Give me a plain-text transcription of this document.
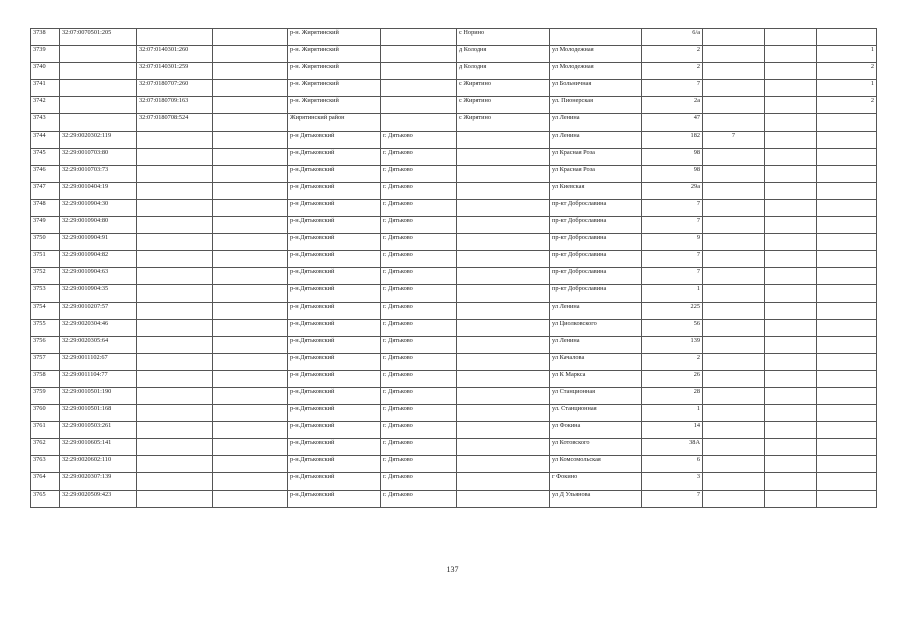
3738	32:07:0070501:205			р-н. Жирятинский		с Норино		6/a			
3739		32:07:0140301:260		р-н. Жирятинский		д Колодня	ул Молодежная	2			1
3740		32:07:0140301:259		р-н. Жирятинский		д Колодня	ул Молодежная	2			2
3741		32:07:0180707:260		р-н. Жирятинский		с Жирятино	ул Больничная	7			1
3742		32:07:0180709:163		р-н. Жирятинский		с Жирятино	ул. Пионерская	2а			2
3743		32:07:0180708:524		Жирятинский район		с Жирятино	ул Ленина	47			
3744	32:29:0020302:119			р-н Дятьковский	г. Дятьково		ул Ленина	182	7		
3745	32:29:0010703:80			р-н.Дятьковский	г. Дятьково		ул Красная Роза	98			
3746	32:29:0010703:73			р-н.Дятьковский	г. Дятьково		ул Красная Роза	98			
3747	32:29:0010404:19			р-н Дятьковский	г. Дятьково		ул Киевская	29а			
3748	32:29:0010904:30			р-н Дятьковский	г. Дятьково		пр-кт Доброславина	7			
3749	32:29:0010904:80			р-н.Дятьковский	г. Дятьково		пр-кт Доброславина	7			
3750	32:29:0010904:91			р-н.Дятьковский	г. Дятьково		пр-кт Доброславина	9			
3751	32:29:0010904:82			р-н.Дятьковский	г. Дятьково		пр-кт Доброславина	7			
3752	32:29:0010904:63			р-н.Дятьковский	г. Дятьково		пр-кт Доброславина	7			
3753	32:29:0010904:35			р-н.Дятьковский	г. Дятьково		пр-кт Доброславина	1			
3754	32:29:0010207:57			р-н Дятьковский	г. Дятьково		ул Ленина	225			
3755	32:29:0020304:46			р-н.Дятьковский	г. Дятьково		ул Циолковского	56			
3756	32:29:0020305:64			р-н.Дятьковский	г. Дятьково		ул Ленина	139			
3757	32:29:0011102:67			р-н.Дятьковский	г. Дятьково		ул Качалова	2			
3758	32:29:0011104:77			р-н Дятьковский	г. Дятьково		ул К Маркса	26			
3759	32:29:0010501:190			р-н.Дятьковский	г. Дятьково		ул Станционная	28			
3760	32:29:0010501:168			р-н.Дятьковский	г. Дятьково		ул. Станционная	1			
3761	32:29:0010503:261			р-н.Дятьковский	г. Дятьково		ул Фокина	14			
3762	32:29:0010605:141			р-н.Дятьковский	г. Дятьково		ул Котовского	38А			
3763	32:29:0020602:110			р-н.Дятьковский	г. Дятьково		ул Комсомольская	6			
3764	32:29:0020307:139			р-н.Дятьковский	г. Дятьково		г Фокино	3			
3765	32:29:0020509:423			р-н.Дятьковский	г. Дятьково		ул Д Ульянова	7			
137
